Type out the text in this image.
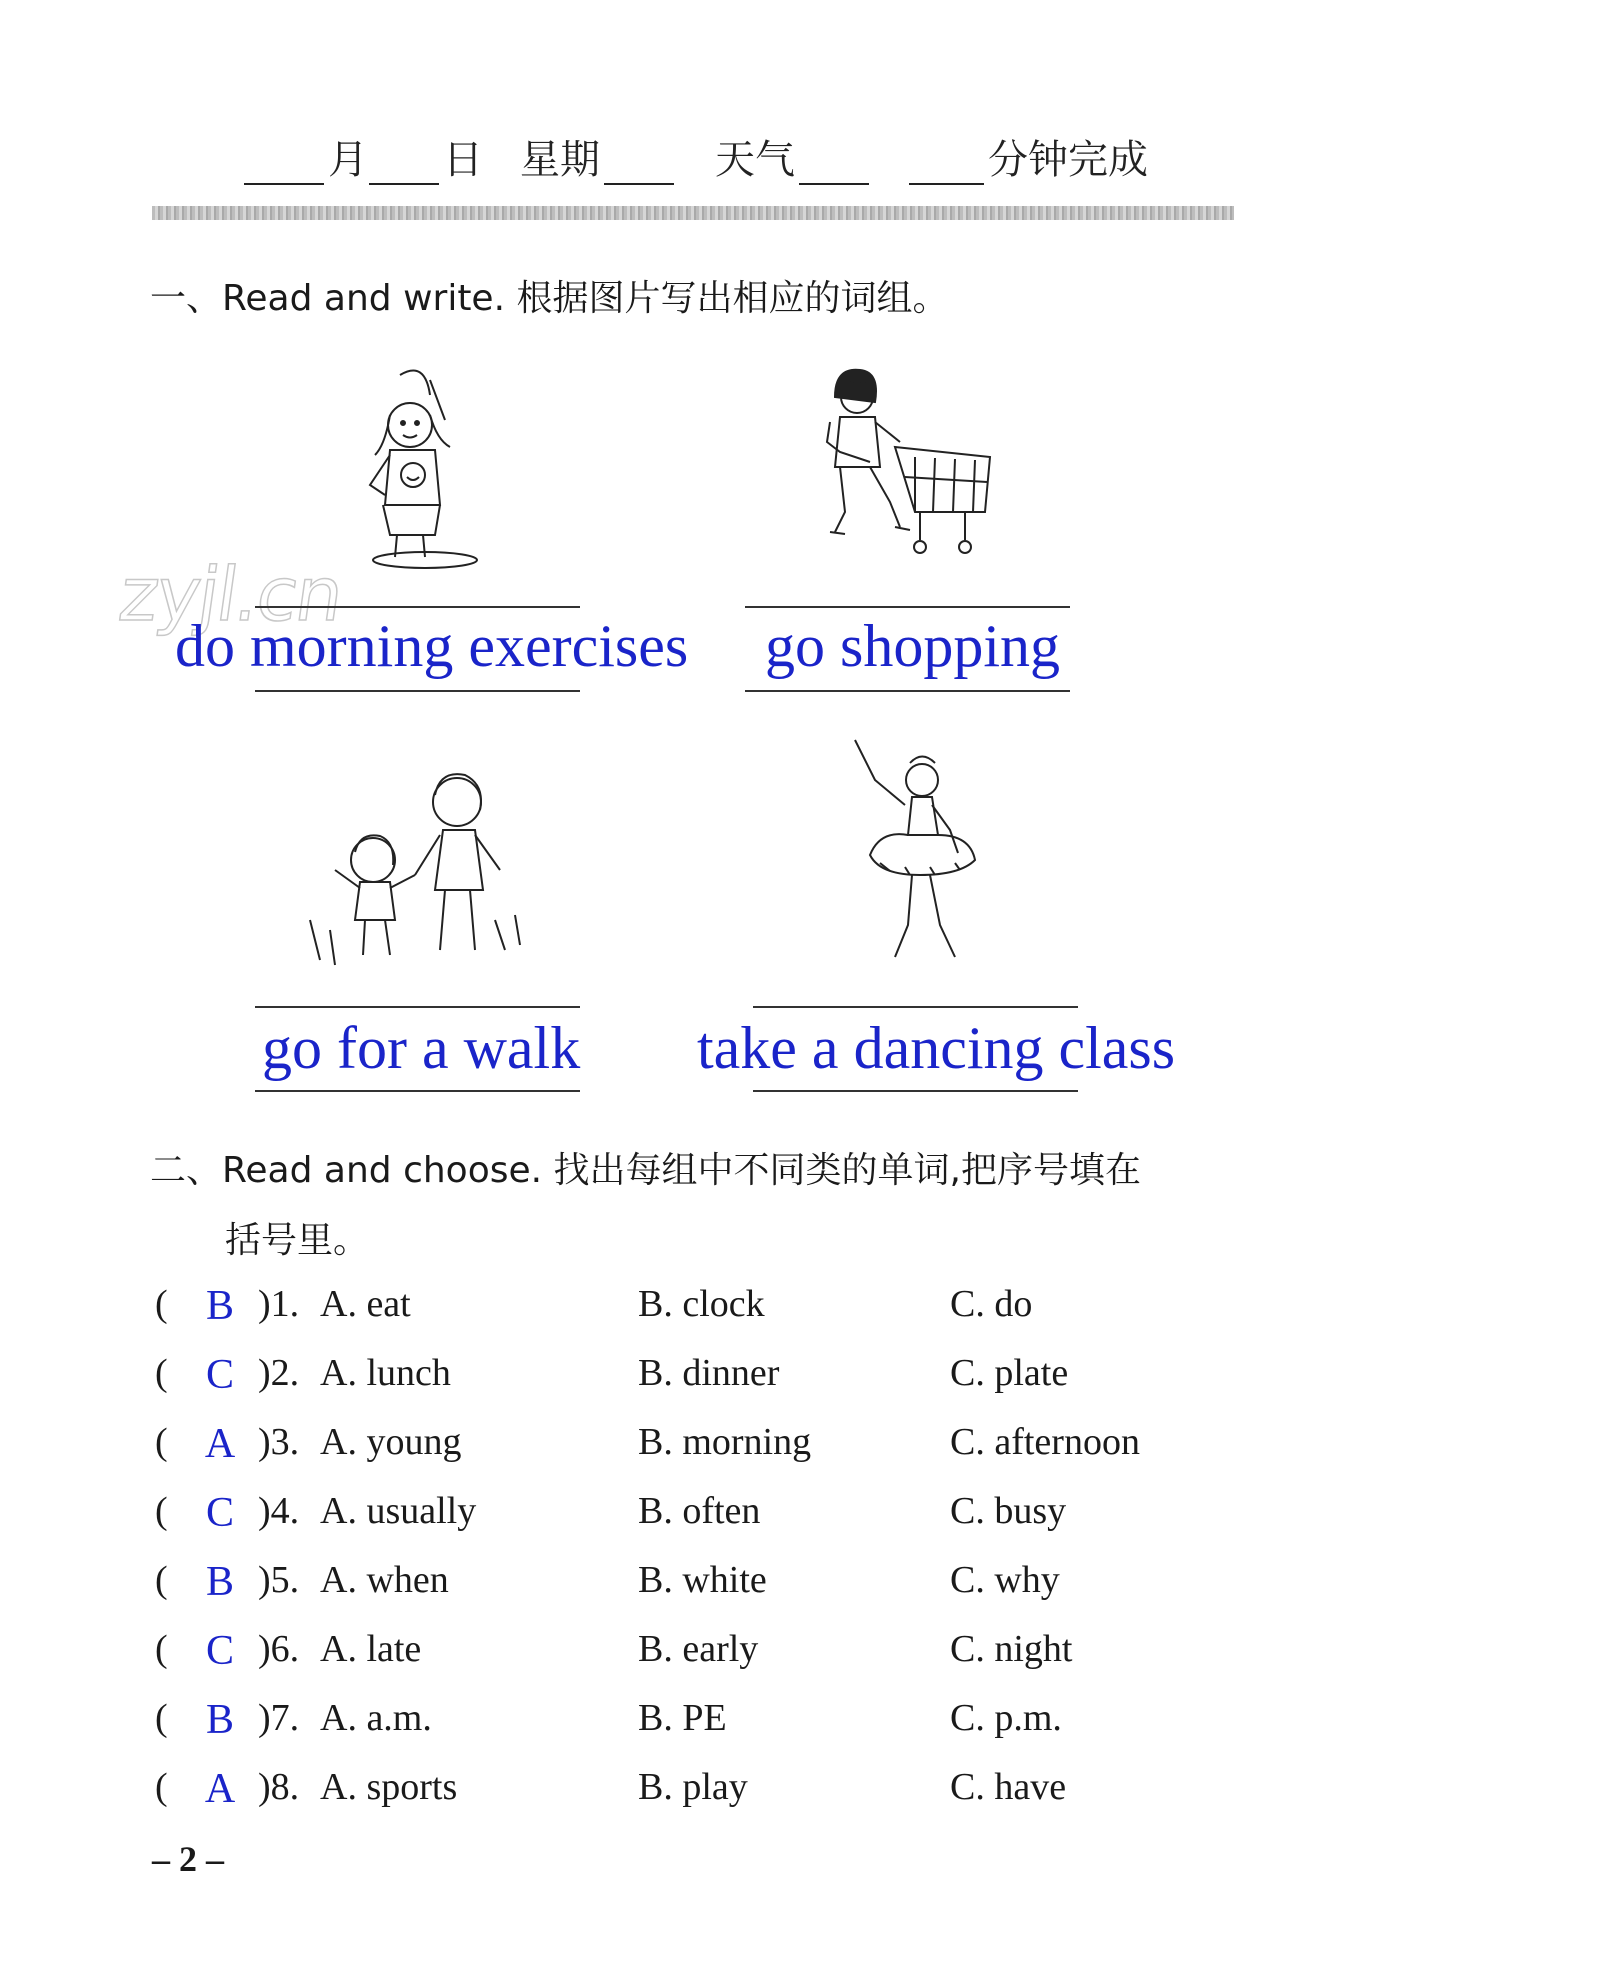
月	日 星期	天气	分钟完成
一、Read and write. 根据图片写出相应的词组。
zyjl.cn
do morning exercises go shopping
go for a walk take a dancing class
二、Read and choose. 找出每组中不同类的单词,把序号填在
括号里。
( B ) 1. A. eat	B. clock	C. do
( C ) 2. A. lunch	B. dinner	C. plate
( A ) 3. A. young	B. morning	C. afternoon
( C ) 4. A. usually	B. often	C. busy
( B ) 5. A. when	B. white	C. why
( C ) 6. A. late	B. early	C. night
( B ) 7. A. a.m.	B. PE	C. p.m.
( A ) 8. A. sports	B. play	C. have
– 2 –
